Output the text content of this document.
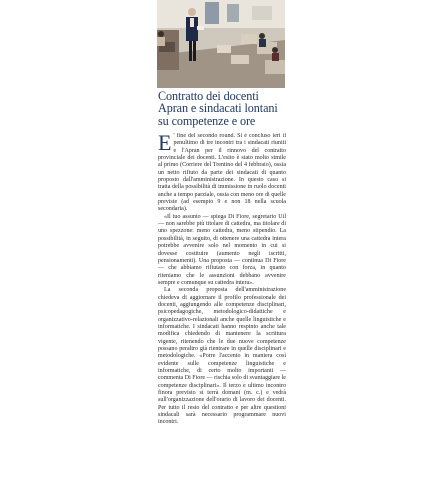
Contratto dei docenti Apran e sindacati lontani su competenze e ore

E ' fine del secondo round. Si è concluso ieri il penultimo di tre incontri tra i sindacati riuniti e l'Apran per il rinnovo del contratto provinciale dei docenti. L'esito è stato molto simile al primo (Corriere del Trentino del 4 febbraio), ossia un netto rifiuto da parte dei sindacati di quanto proposto dall'amministrazione. In questo caso si tratta della possibilità di immissione in ruolo docenti anche a tempo parziale, ossia con meno ore di quelle previste (ad esempio 9 e non 18 nella scuola secondaria).

«Il tuo assunto — spiega Di Fiore, segretario Uil — non sarebbe più titolare di cattedra, ma titolare di uno spezzone: meno cattedra, meno stipendio. La possibilità, in seguito, di ottenere una cattedra intera potrebbe avvenire solo nel momento in cui si dovesse costituire (aumento negli iscritti, pensionamenti). Una proposta — continua Di Fiore — che abbiamo rifiutato con forza, in quanto riteniamo che le assunzioni debbano avvenire sempre e comunque su cattedra intera».

La seconda proposta dell'amministrazione chiedeva di aggiornare il profilo professionale dei docenti, aggiungendo alle competenze disciplinari, psicopedagogiche, metodologico-didattiche e organizzativo-relazionali anche quelle linguistiche e informatiche. I sindacati hanno respinto anche tale modifica chiedendo di mantenere la scrittura vigente, ritenendo che le due nuove competenze possano peraltro già rientrare in quelle disciplinari e metodologiche. «Porre l'accento in maniera così evidente sulle competenze linguistiche e informatiche, di certo molto importanti — commenta Di Fiore — rischia solo di svantaggiare le competenze disciplinari». Il terzo e ultimo incontro finora previsto si terrà domani (m. c.) e vedrà sull'organizzazione dell'orario di lavoro dei docenti. Per tutto il resto del contratto e per altre questioni sindacali sarà necessario programmare nuovi incontri.
